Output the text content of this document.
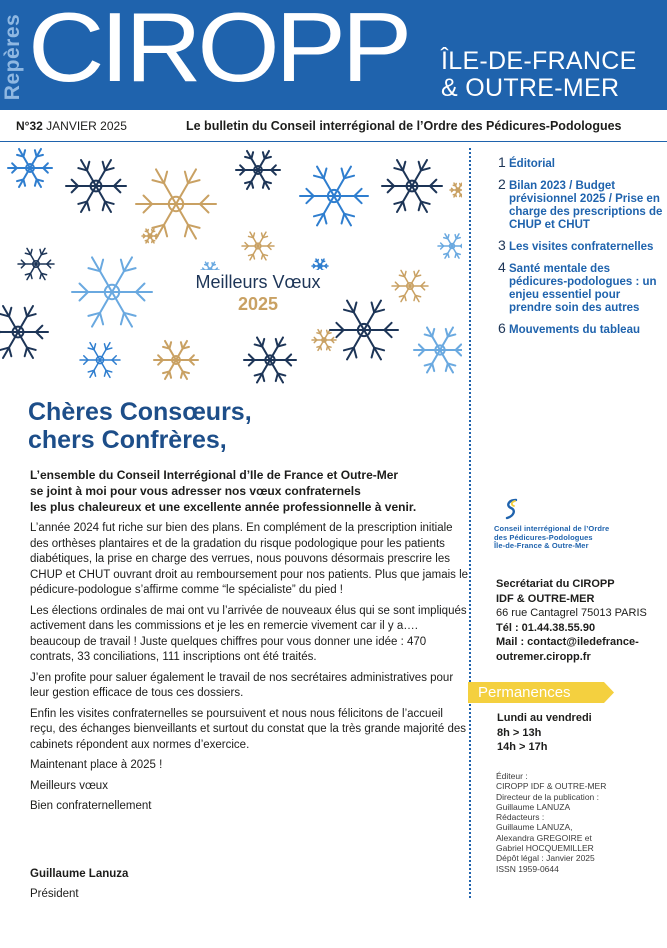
Repères CIROPP ÎLE-DE-FRANCE
& OUTRE-MER
N°32 JANVIER 2025	Le bulletin du Conseil interrégional de l’Ordre des Pédicures-Podologues
Meilleurs Vœux
2025
1 Éditorial
2 Bilan 2023 / Budget prévisionnel 2025 / Prise en charge des prescriptions de CHUP et CHUT
3 Les visites confraternelles
4 Santé mentale des pédicures-podologues : un enjeu essentiel pour prendre soin des autres
6 Mouvements du tableau
Chères Consœurs,
chers Confrères,
L’ensemble du Conseil Interrégional d’Ile de France et Outre-Mer
se joint à moi pour vous adresser nos vœux confraternels
les plus chaleureux et une excellente année professionnelle à venir.

L’année 2024 fut riche sur bien des plans. En complément de la prescription initiale des orthèses plantaires et de la gradation du risque podologique pour les patients diabétiques, la prise en charge des verrues, nous pouvons désormais prescrire les CHUP et CHUT ouvrant droit au remboursement pour nos patients. Plus que jamais le pédicure-podologue s’affirme comme “le spécialiste” du pied !

Les élections ordinales de mai ont vu l’arrivée de nouveaux élus qui se sont impliqués activement dans les commissions et je les en remercie vivement car il y a…. beaucoup de travail ! Juste quelques chiffres pour vous donner une idée : 470 contrats, 33 conciliations, 111 inscriptions ont été traités.

J’en profite pour saluer également le travail de nos secrétaires administratives pour leur gestion efficace de tous ces dossiers.

Enfin les visites confraternelles se poursuivent et nous nous félicitons de l’accueil reçu, des échanges bienveillants et surtout du constat que la très grande majorité des cabinets répondent aux normes d’exercice.

Maintenant place à 2025 !

Meilleurs vœux

Bien confraternellement

Guillaume Lanuza
Président
Conseil interrégional de l’Ordre
des Pédicures-Podologues
Île-de-France & Outre-Mer
Secrétariat du CIROPP
IDF & OUTRE-MER
66 rue Cantagrel 75013 PARIS
Tél : 01.44.38.55.90
Mail : contact@iledefrance-
outremer.ciropp.fr
Permanences
Lundi au vendredi
8h > 13h
14h > 17h
Éditeur :
CIROPP IDF & OUTRE-MER
Directeur de la publication :
Guillaume LANUZA
Rédacteurs :
Guillaume LANUZA,
Alexandra GREGOIRE et
Gabriel HOCQUEMILLER
Dépôt légal : Janvier 2025
ISSN 1959-0644
